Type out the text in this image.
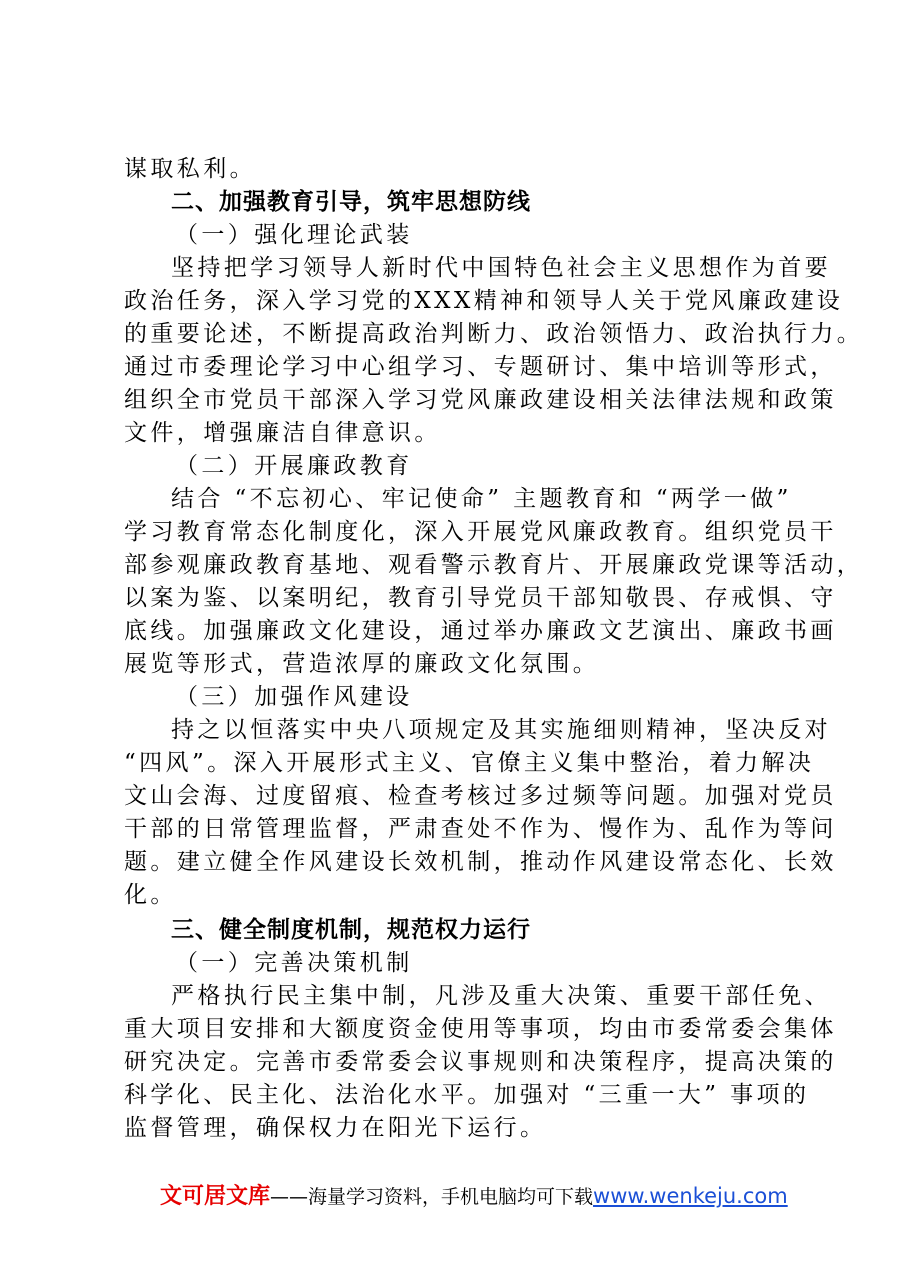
谋取私利。
二、加强教育引导，筑牢思想防线
（一）强化理论武装
坚持把学习领导人新时代中国特色社会主义思想作为首要
政治任务，深入学习党的XXX精神和领导人关于党风廉政建设
的重要论述，不断提高政治判断力、政治领悟力、政治执行力。
通过市委理论学习中心组学习、专题研讨、集中培训等形式，
组织全市党员干部深入学习党风廉政建设相关法律法规和政策
文件，增强廉洁自律意识。
（二）开展廉政教育
结合 “不忘初心、牢记使命” 主题教育和 “两学一做”
学习教育常态化制度化，深入开展党风廉政教育。组织党员干
部参观廉政教育基地、观看警示教育片、开展廉政党课等活动，
以案为鉴、以案明纪，教育引导党员干部知敬畏、存戒惧、守
底线。加强廉政文化建设，通过举办廉政文艺演出、廉政书画
展览等形式，营造浓厚的廉政文化氛围。
（三）加强作风建设
持之以恒落实中央八项规定及其实施细则精神，坚决反对
“四风”。深入开展形式主义、官僚主义集中整治，着力解决
文山会海、过度留痕、检查考核过多过频等问题。加强对党员
干部的日常管理监督，严肃查处不作为、慢作为、乱作为等问
题。建立健全作风建设长效机制，推动作风建设常态化、长效
化。
三、健全制度机制，规范权力运行
（一）完善决策机制
严格执行民主集中制，凡涉及重大决策、重要干部任免、
重大项目安排和大额度资金使用等事项，均由市委常委会集体
研究决定。完善市委常委会议事规则和决策程序，提高决策的
科学化、民主化、法治化水平。加强对 “三重一大” 事项的
监督管理，确保权力在阳光下运行。
文可居文库——海量学习资料，手机电脑均可下载www.wenkeju.com
